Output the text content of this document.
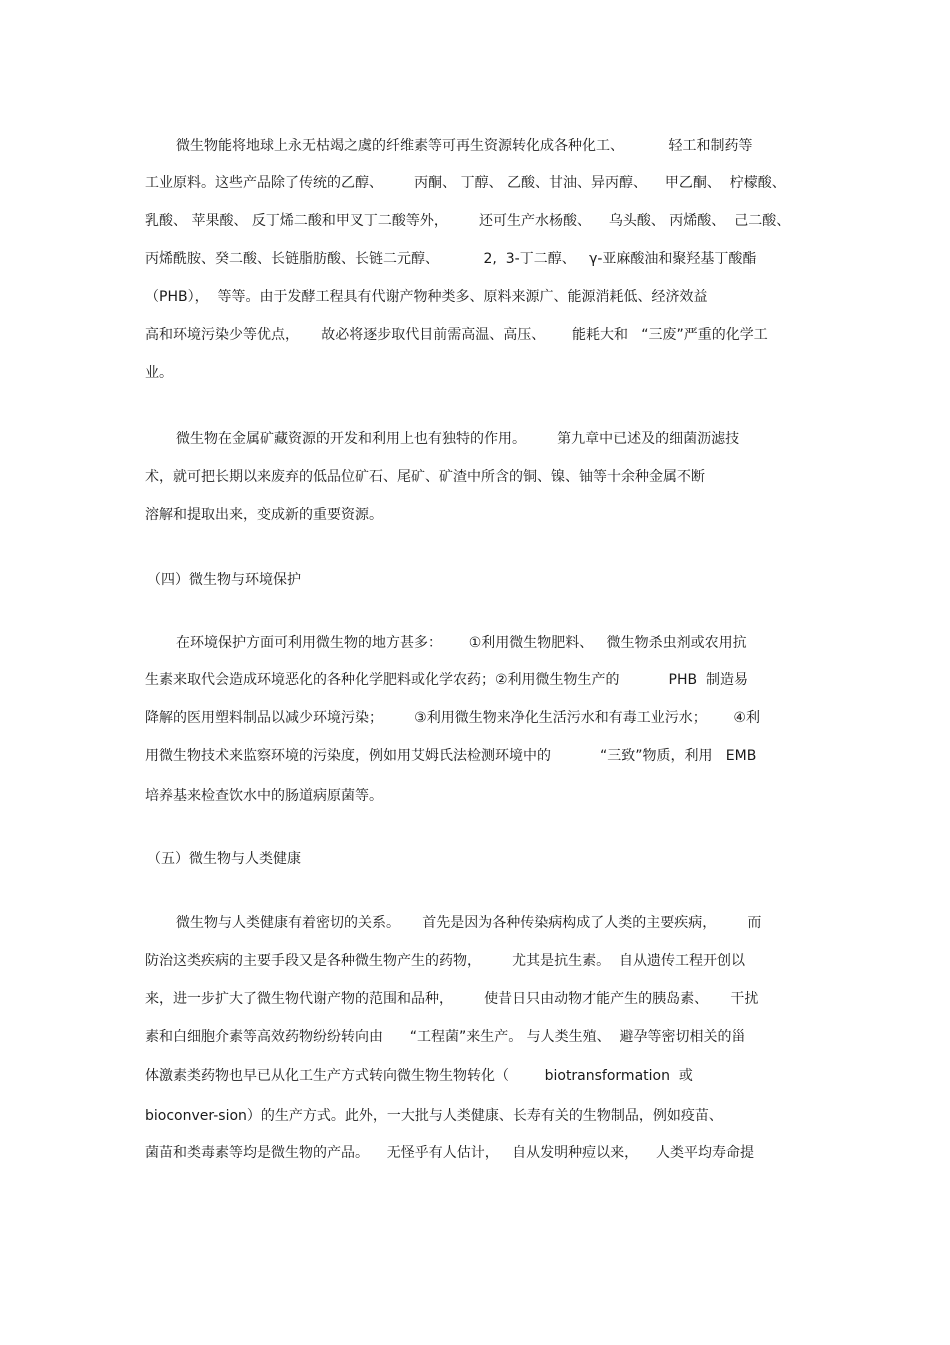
微生物能将地球上永无枯竭之虞的纤维素等可再生资源转化成各种化工、          轻工和制药等
工业原料。这些产品除了传统的乙醇、       丙酮、 丁醇、 乙酸、甘油、异丙醇、    甲乙酮、  柠檬酸、
乳酸、 苹果酸、 反丁烯二酸和甲叉丁二酸等外，       还可生产水杨酸、    乌头酸、 丙烯酸、  己二酸、
丙烯酰胺、癸二酸、长链脂肪酸、长链二元醇、          2,  3-丁二醇、   γ-亚麻酸油和聚羟基丁酸酯
（PHB），  等等。由于发酵工程具有代谢产物种类多、原料来源广、能源消耗低、经济效益
高和环境污染少等优点，     故必将逐步取代目前需高温、高压、      能耗大和   “三废”严重的化学工
业。
微生物在金属矿藏资源的开发和利用上也有独特的作用。       第九章中已述及的细菌沥滤技
术，就可把长期以来废弃的低品位矿石、尾矿、矿渣中所含的铜、镍、铀等十余种金属不断
溶解和提取出来，变成新的重要资源。
（四）微生物与环境保护
在环境保护方面可利用微生物的地方甚多：      ①利用微生物肥料、   微生物杀虫剂或农用抗
生素来取代会造成环境恶化的各种化学肥料或化学农药；②利用微生物生产的           PHB  制造易
降解的医用塑料制品以减少环境污染；       ③利用微生物来净化生活污水和有毒工业污水；      ④利
用微生物技术来监察环境的污染度，例如用艾姆氏法检测环境中的           “三致”物质，利用   EMB
培养基来检查饮水中的肠道病原菌等。
（五）微生物与人类健康
微生物与人类健康有着密切的关系。     首先是因为各种传染病构成了人类的主要疾病，       而
防治这类疾病的主要手段又是各种微生物产生的药物，       尤其是抗生素。  自从遗传工程开创以
来，进一步扩大了微生物代谢产物的范围和品种，       使昔日只由动物才能产生的胰岛素、     干扰
素和白细胞介素等高效药物纷纷转向由      “工程菌”来生产。 与人类生殖、  避孕等密切相关的甾
体激素类药物也早已从化工生产方式转向微生物生物转化（        biotransformation  或
bioconver-sion）的生产方式。此外，一大批与人类健康、长寿有关的生物制品，例如疫苗、
菌苗和类毒素等均是微生物的产品。    无怪乎有人估计，   自从发明种痘以来，    人类平均寿命提
